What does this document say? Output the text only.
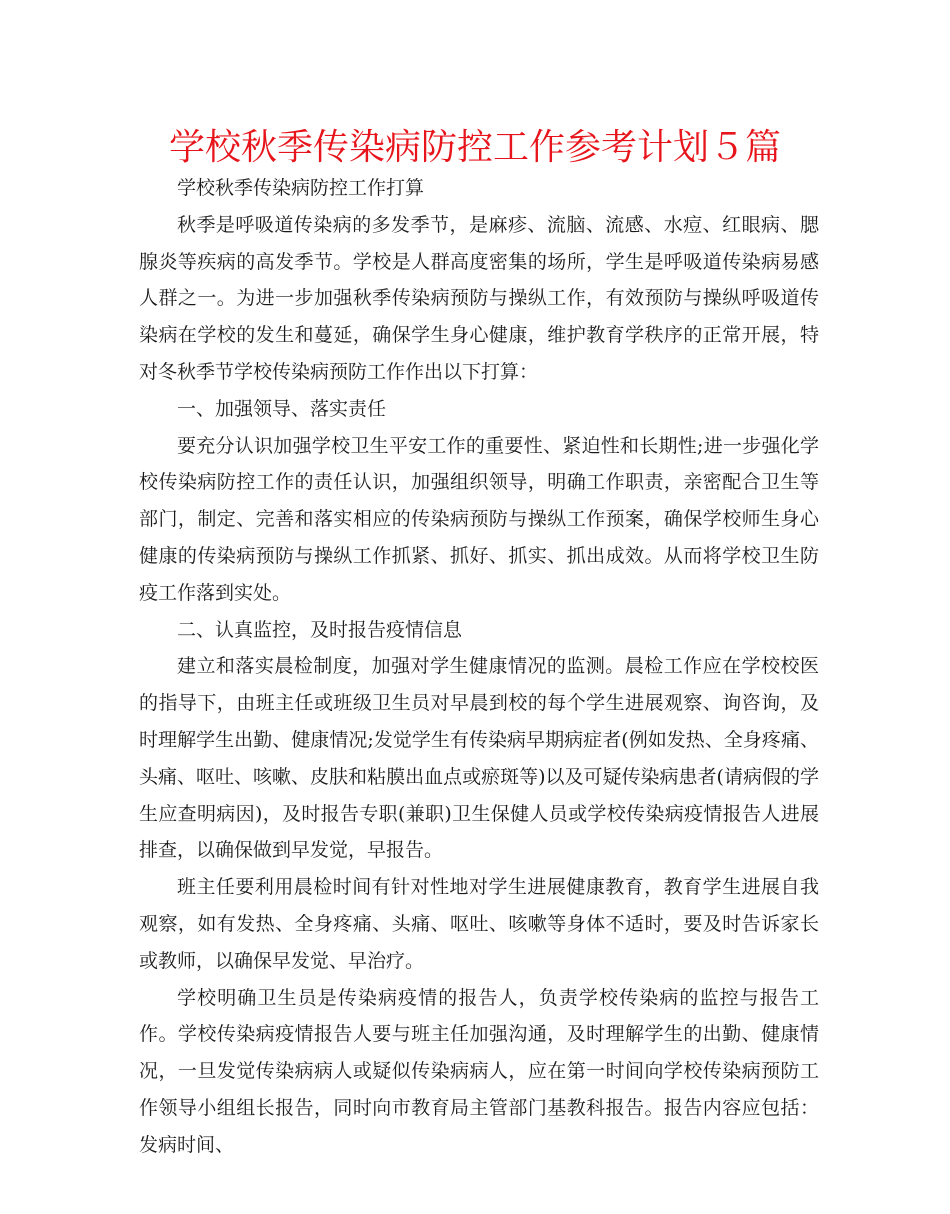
学校秋季传染病防控工作参考计划５篇

学校秋季传染病防控工作打算

秋季是呼吸道传染病的多发季节，是麻疹、流脑、流感、水痘、红眼病、腮腺炎等疾病的高发季节。学校是人群高度密集的场所，学生是呼吸道传染病易感人群之一。为进一步加强秋季传染病预防与操纵工作，有效预防与操纵呼吸道传染病在学校的发生和蔓延，确保学生身心健康，维护教育学秩序的正常开展，特对冬秋季节学校传染病预防工作作出以下打算：

一、加强领导、落实责任

要充分认识加强学校卫生平安工作的重要性、紧迫性和长期性;进一步强化学校传染病防控工作的责任认识，加强组织领导，明确工作职责，亲密配合卫生等部门，制定、完善和落实相应的传染病预防与操纵工作预案，确保学校师生身心健康的传染病预防与操纵工作抓紧、抓好、抓实、抓出成效。从而将学校卫生防疫工作落到实处。

二、认真监控，及时报告疫情信息

建立和落实晨检制度，加强对学生健康情况的监测。晨检工作应在学校校医的指导下，由班主任或班级卫生员对早晨到校的每个学生进展观察、询咨询，及时理解学生出勤、健康情况;发觉学生有传染病早期病症者(例如发热、全身疼痛、头痛、呕吐、咳嗽、皮肤和粘膜出血点或瘀斑等)以及可疑传染病患者(请病假的学生应查明病因)，及时报告专职(兼职)卫生保健人员或学校传染病疫情报告人进展排查，以确保做到早发觉，早报告。

班主任要利用晨检时间有针对性地对学生进展健康教育，教育学生进展自我观察，如有发热、全身疼痛、头痛、呕吐、咳嗽等身体不适时，要及时告诉家长或教师，以确保早发觉、早治疗。

学校明确卫生员是传染病疫情的报告人，负责学校传染病的监控与报告工作。学校传染病疫情报告人要与班主任加强沟通，及时理解学生的出勤、健康情况，一旦发觉传染病病人或疑似传染病病人，应在第一时间向学校传染病预防工作领导小组组长报告，同时向市教育局主管部门基教科报告。报告内容应包括：发病时间、
